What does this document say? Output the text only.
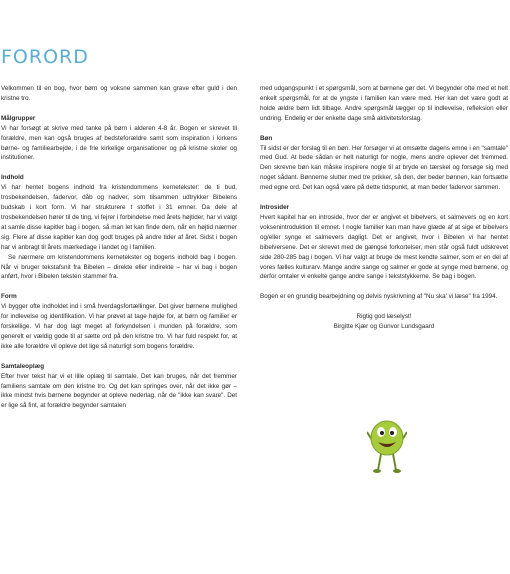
FORORD

Velkommen til en bog, hvor børn og voksne sammen kan grave efter guld i den kristne tro.

Målgrupper

Vi har forsøgt at skrive med tanke på børn i alderen 4-8 år. Bogen er skrevet til forældre, men kan også bruges af bedsteforældre samt som inspiration i kirkens børne- og familiearbejde, i de frie kirkelige organisationer og på kristne skoler og institutioner.

Indhold

Vi har hentet bogens indhold fra kristendommens kernetekster: de ti bud, trosbekendelsen, fadervor, dåb og nadver, som tilsammen udtrykker Bibelens budskab i kort form. Vi har strukturere t stoffet i 31 emner. Da dele af trosbekendelsen hører til de ting, vi fejrer i forbindelse med årets højtider, har vi valgt at samle disse kapitler bag i bogen, så man let kan finde dem, når en højtid nærmer sig. Flere af disse kapitler kan dog godt bruges på andre tider af året. Sidst i bogen har vi anbragt til årets mærkedage i landet og i familien.

Se nærmere om kristendommens kernetekster og bogens indhold bag i bogen. Når vi bruger tekstafsnit fra Bibelen – direkte eller indirekte – har vi bag i bogen anført, hvor i Bibelen teksten stammer fra.

Form

Vi bygger ofte indholdet ind i små hverdagsfortællinger. Det giver børnene mulighed for indlevelse og identifikation. Vi har prøvet at tage højde for, at børn og familier er forskellige. Vi har dog lagt meget af forkyndelsen i munden på forældre, som generelt er vældig gode til at sætte ord på den kristne tro. Vi har fuld respekt for, at ikke alle forældre vil opleve det lige så naturligt som bogens forældre.

Samtaleoplæg

Efter hver tekst har vi et lille oplæg til samtale. Det kan bruges, når det fremmer familiens samtale om den kristne tro. Og det kan springes over, når det ikke gør – ikke mindst hvis børnene begynder at opleve nederlag, når de "ikke kan svare". Det er lige så fint, at forældre begynder samtalen

med udgangspunkt i et spørgsmål, som at børnene gør det. Vi begynder ofte med et helt enkelt spørgsmål, for at de yngste i familien kan være med. Her kan det være godt at holde ældre børn lidt tilbage. Andre spørgsmål lægger op til indlevelse, refleksion eller undring. Endelig er der enkelte dage små aktivitetsforslag.

Bøn

Til sidst er der forslag til en bøn. Her forsøger vi at omsætte dagens emne i en "samtale" med Gud. At bede sådan er helt naturligt for nogle, mens andre oplever det fremmed. Den skrevne bøn kan måske inspirere nogle til at bryde en tærskel og forsøge sig med noget sådant. Bønnerne slutter med tre prikker, så den, der beder bønnen, kan fortsætte med egne ord. Det kan også være på dette tidspunkt, at man beder fadervor sammen.

Introsider

Hvert kapitel har en introside, hvor der er angivet et bibelvers, et salmevers og en kort voksenintroduktion til emnet. I nogle familier kan man have glæde af at sige et bibelvers og/eller synge et salmevers dagligt. Det er angivet, hvor i Bibelen vi har hentet bibelversene. Det er skrevet med de gængse forkortelser, men står også fuldt udskrevet side 280-285 bag i bogen. Vi har valgt at bruge de mest kendte salmer, som er en del af vores fælles kulturarv. Mange andre sange og salmer er gode at synge med børnene, og derfor omtaler vi enkelte gange andre sange i tekststykkerne. Se bag i bogen.

Bogen er en grundig bearbejdning og delvis nyskrivning af "Nu ska' vi læse" fra 1994.

Rigtig god læselyst!
Birgitte Kjær og Gunvor Lundsgaard
